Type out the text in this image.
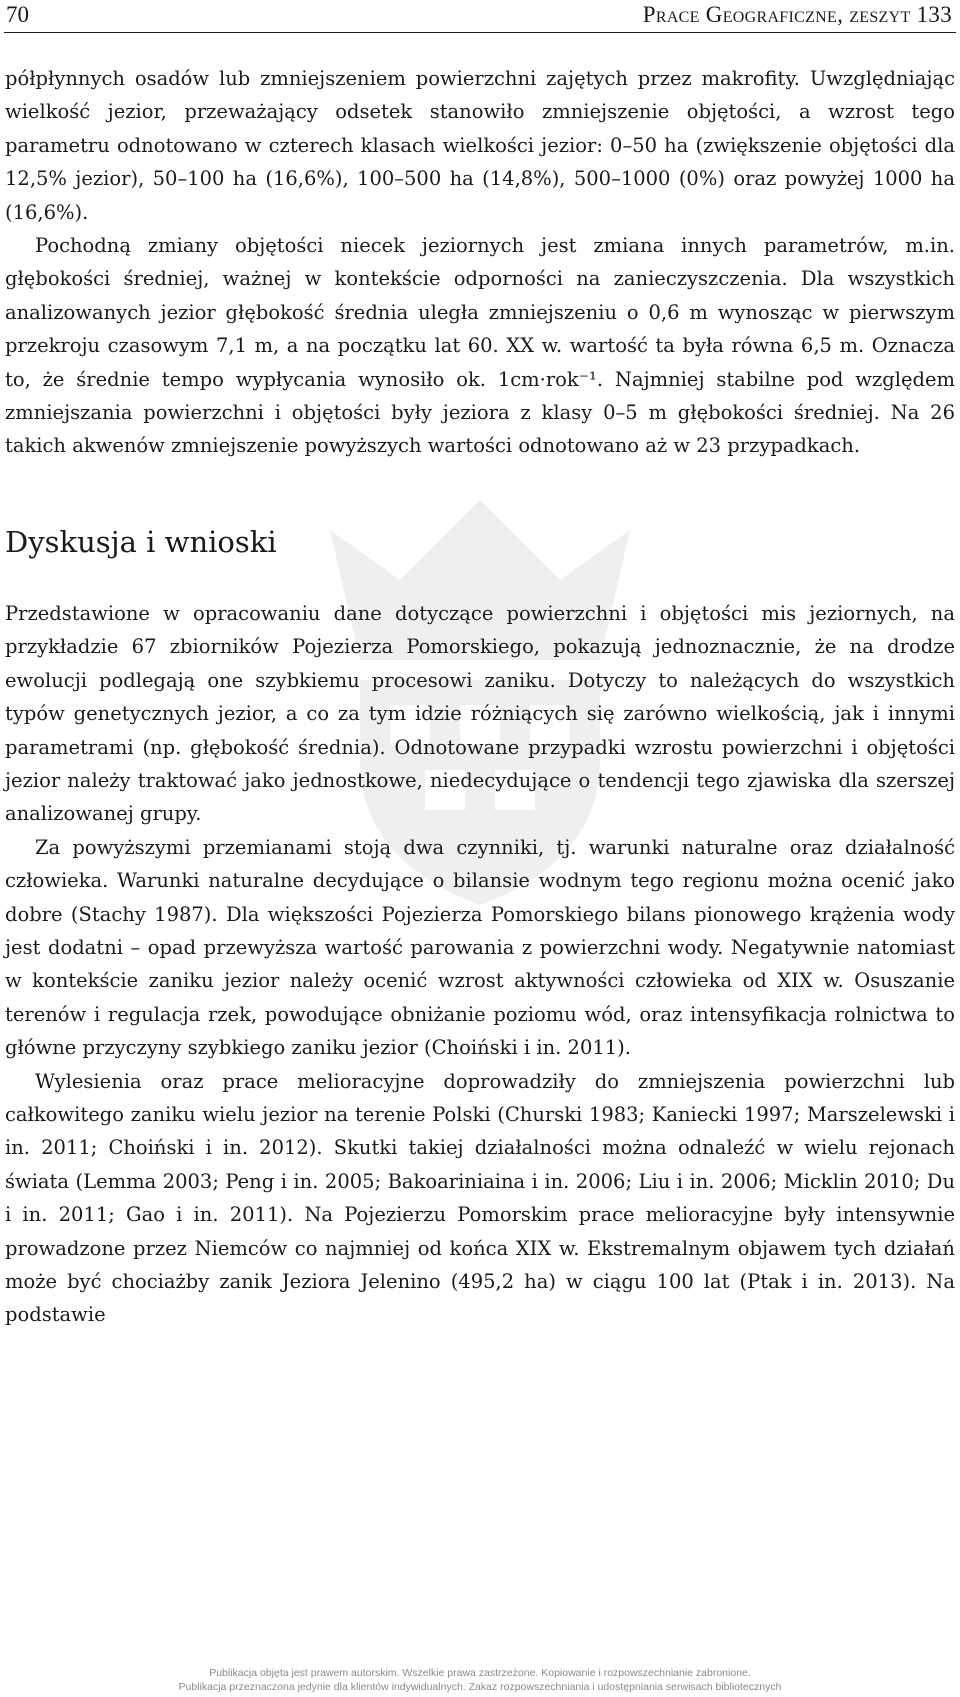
70	Prace Geograficzne, zeszyt 133

półpłynnych osadów lub zmniejszeniem powierzchni zajętych przez makrofity. Uwzględniając wielkość jezior, przeważający odsetek stanowiło zmniejszenie objętości, a wzrost tego parametru odnotowano w czterech klasach wielkości jezior: 0–50 ha (zwiększenie objętości dla 12,5% jezior), 50–100 ha (16,6%), 100–500 ha (14,8%), 500–1000 (0%) oraz powyżej 1000 ha (16,6%).

Pochodną zmiany objętości niecek jeziornych jest zmiana innych parametrów, m.in. głębokości średniej, ważnej w kontekście odporności na zanieczyszczenia. Dla wszystkich analizowanych jezior głębokość średnia uległa zmniejszeniu o 0,6 m wynosząc w pierwszym przekroju czasowym 7,1 m, a na początku lat 60. XX w. wartość ta była równa 6,5 m. Oznacza to, że średnie tempo wypłycania wynosiło ok. 1cm·rok⁻¹. Najmniej stabilne pod względem zmniejszania powierzchni i objętości były jeziora z klasy 0–5 m głębokości średniej. Na 26 takich akwenów zmniejszenie powyższych wartości odnotowano aż w 23 przypadkach.

Dyskusja i wnioski

Przedstawione w opracowaniu dane dotyczące powierzchni i objętości mis jeziornych, na przykładzie 67 zbiorników Pojezierza Pomorskiego, pokazują jednoznacznie, że na drodze ewolucji podlegają one szybkiemu procesowi zaniku. Dotyczy to należących do wszystkich typów genetycznych jezior, a co za tym idzie różniących się zarówno wielkością, jak i innymi parametrami (np. głębokość średnia). Odnotowane przypadki wzrostu powierzchni i objętości jezior należy traktować jako jednostkowe, niedecydujące o tendencji tego zjawiska dla szerszej analizowanej grupy.

Za powyższymi przemianami stoją dwa czynniki, tj. warunki naturalne oraz działalność człowieka. Warunki naturalne decydujące o bilansie wodnym tego regionu można ocenić jako dobre (Stachy 1987). Dla większości Pojezierza Pomorskiego bilans pionowego krążenia wody jest dodatni – opad przewyższa wartość parowania z powierzchni wody. Negatywnie natomiast w kontekście zaniku jezior należy ocenić wzrost aktywności człowieka od XIX w. Osuszanie terenów i regulacja rzek, powodujące obniżanie poziomu wód, oraz intensyfikacja rolnictwa to główne przyczyny szybkiego zaniku jezior (Choiński i in. 2011).

Wylesienia oraz prace melioracyjne doprowadziły do zmniejszenia powierzchni lub całkowitego zaniku wielu jezior na terenie Polski (Churski 1983; Kaniecki 1997; Marszelewski i in. 2011; Choiński i in. 2012). Skutki takiej działalności można odnaleźć w wielu rejonach świata (Lemma 2003; Peng i in. 2005; Bakoariniaina i in. 2006; Liu i in. 2006; Micklin 2010; Du i in. 2011; Gao i in. 2011). Na Pojezierzu Pomorskim prace melioracyjne były intensywnie prowadzone przez Niemców co najmniej od końca XIX w. Ekstremalnym objawem tych działań może być chociażby zanik Jeziora Jelenino (495,2 ha) w ciągu 100 lat (Ptak i in. 2013). Na podstawie

Publikacja objęta jest prawem autorskim. Wszelkie prawa zastrzeżone. Kopiowanie i rozpowszechnianie zabronione.
Publikacja przeznaczona jedynie dla klientów indywidualnych. Zakaz rozpowszechniania i udostępniania serwisach bibliotecznych
